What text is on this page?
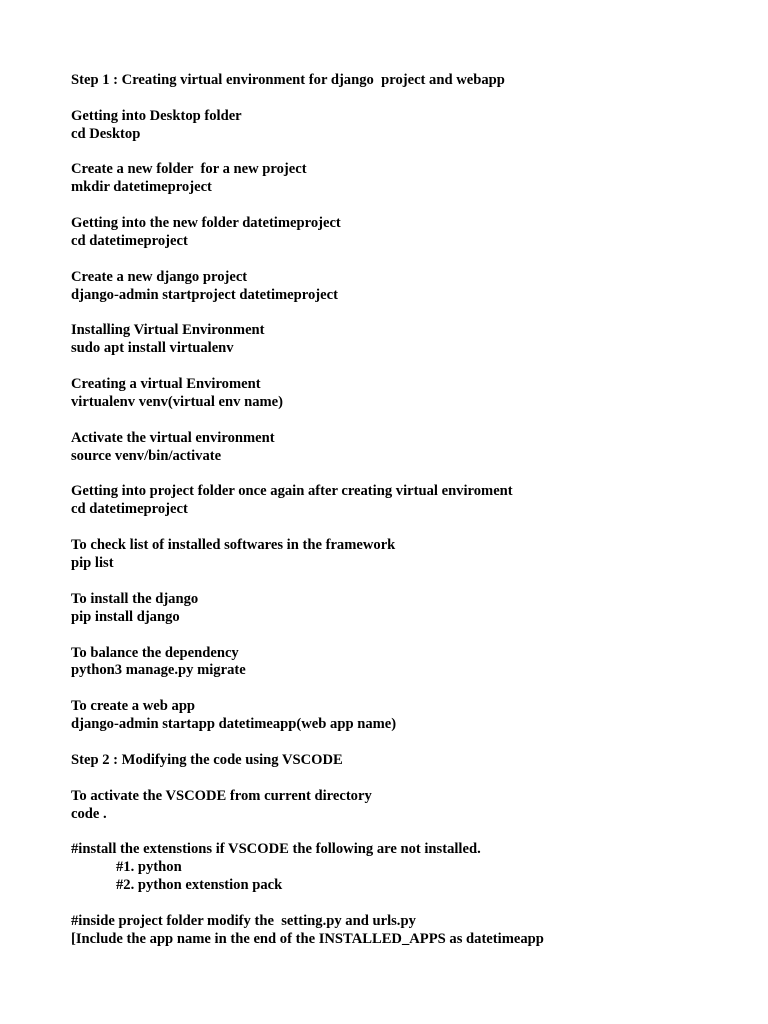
Step 1 : Creating virtual environment for django  project and webapp
Getting into Desktop folder
cd Desktop
Create a new folder  for a new project
mkdir datetimeproject
Getting into the new folder datetimeproject
cd datetimeproject
Create a new django project
django-admin startproject datetimeproject
Installing Virtual Environment
sudo apt install virtualenv
Creating a virtual Enviroment
virtualenv venv(virtual env name)
Activate the virtual environment
source venv/bin/activate
Getting into project folder once again after creating virtual enviroment
cd datetimeproject
To check list of installed softwares in the framework
pip list
To install the django
pip install django
To balance the dependency
python3 manage.py migrate
To create a web app
django-admin startapp datetimeapp(web app name)
Step 2 : Modifying the code using VSCODE
To activate the VSCODE from current directory
code .
#install the extenstions if VSCODE the following are not installed.
#1. python
#2. python extenstion pack
#inside project folder modify the  setting.py and urls.py
[Include the app name in the end of the INSTALLED_APPS as datetimeapp
